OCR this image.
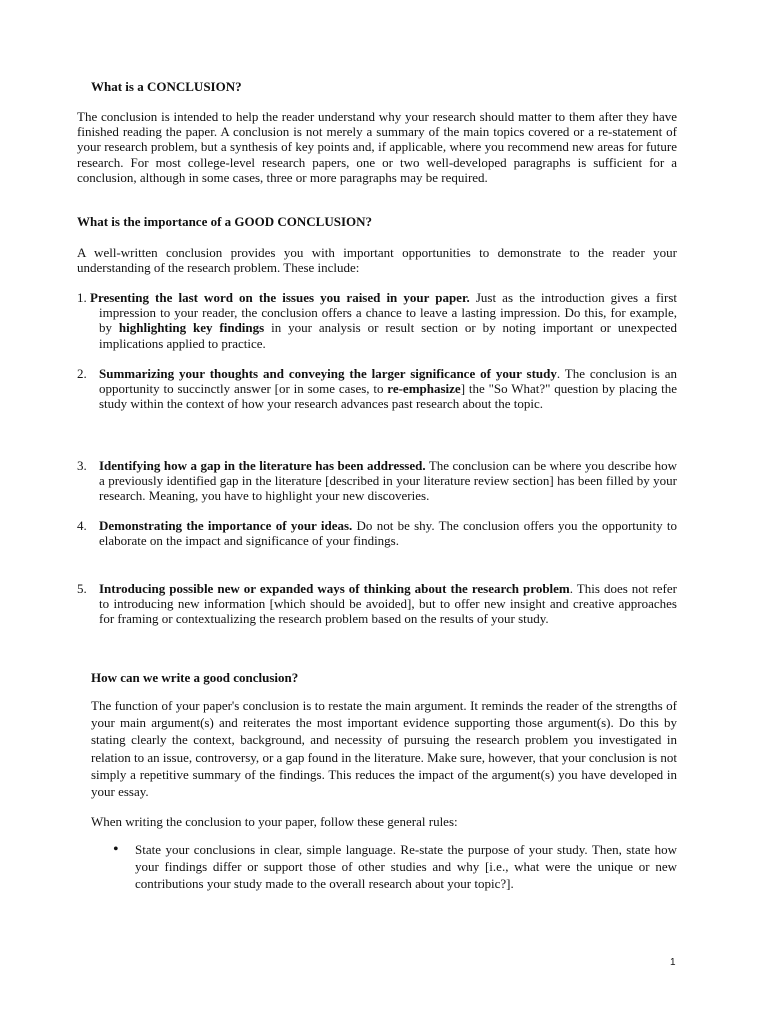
What is a CONCLUSION?

The conclusion is intended to help the reader understand why your research should matter to them after they have finished reading the paper. A conclusion is not merely a summary of the main topics covered or a re-statement of your research problem, but a synthesis of key points and, if applicable, where you recommend new areas for future research. For most college-level research papers, one or two well-developed paragraphs is sufficient for a conclusion, although in some cases, three or more paragraphs may be required.

What is the importance of a GOOD CONCLUSION?

A well-written conclusion provides you with important opportunities to demonstrate to the reader your understanding of the research problem. These include:

1. Presenting the last word on the issues you raised in your paper. Just as the introduction gives a first impression to your reader, the conclusion offers a chance to leave a lasting impression. Do this, for example, by highlighting key findings in your analysis or result section or by noting important or unexpected implications applied to practice.
2. Summarizing your thoughts and conveying the larger significance of your study. The conclusion is an opportunity to succinctly answer [or in some cases, to re-emphasize] the "So What?" question by placing the study within the context of how your research advances past research about the topic.
3. Identifying how a gap in the literature has been addressed. The conclusion can be where you describe how a previously identified gap in the literature [described in your literature review section] has been filled by your research. Meaning, you have to highlight your new discoveries.
4. Demonstrating the importance of your ideas. Do not be shy. The conclusion offers you the opportunity to elaborate on the impact and significance of your findings.
5. Introducing possible new or expanded ways of thinking about the research problem. This does not refer to introducing new information [which should be avoided], but to offer new insight and creative approaches for framing or contextualizing the research problem based on the results of your study.
How can we write a good conclusion?

The function of your paper's conclusion is to restate the main argument. It reminds the reader of the strengths of your main argument(s) and reiterates the most important evidence supporting those argument(s). Do this by stating clearly the context, background, and necessity of pursuing the research problem you investigated in relation to an issue, controversy, or a gap found in the literature. Make sure, however, that your conclusion is not simply a repetitive summary of the findings. This reduces the impact of the argument(s) you have developed in your essay.

When writing the conclusion to your paper, follow these general rules:

• State your conclusions in clear, simple language. Re-state the purpose of your study. Then, state how your findings differ or support those of other studies and why [i.e., what were the unique or new contributions your study made to the overall research about your topic?].

1
